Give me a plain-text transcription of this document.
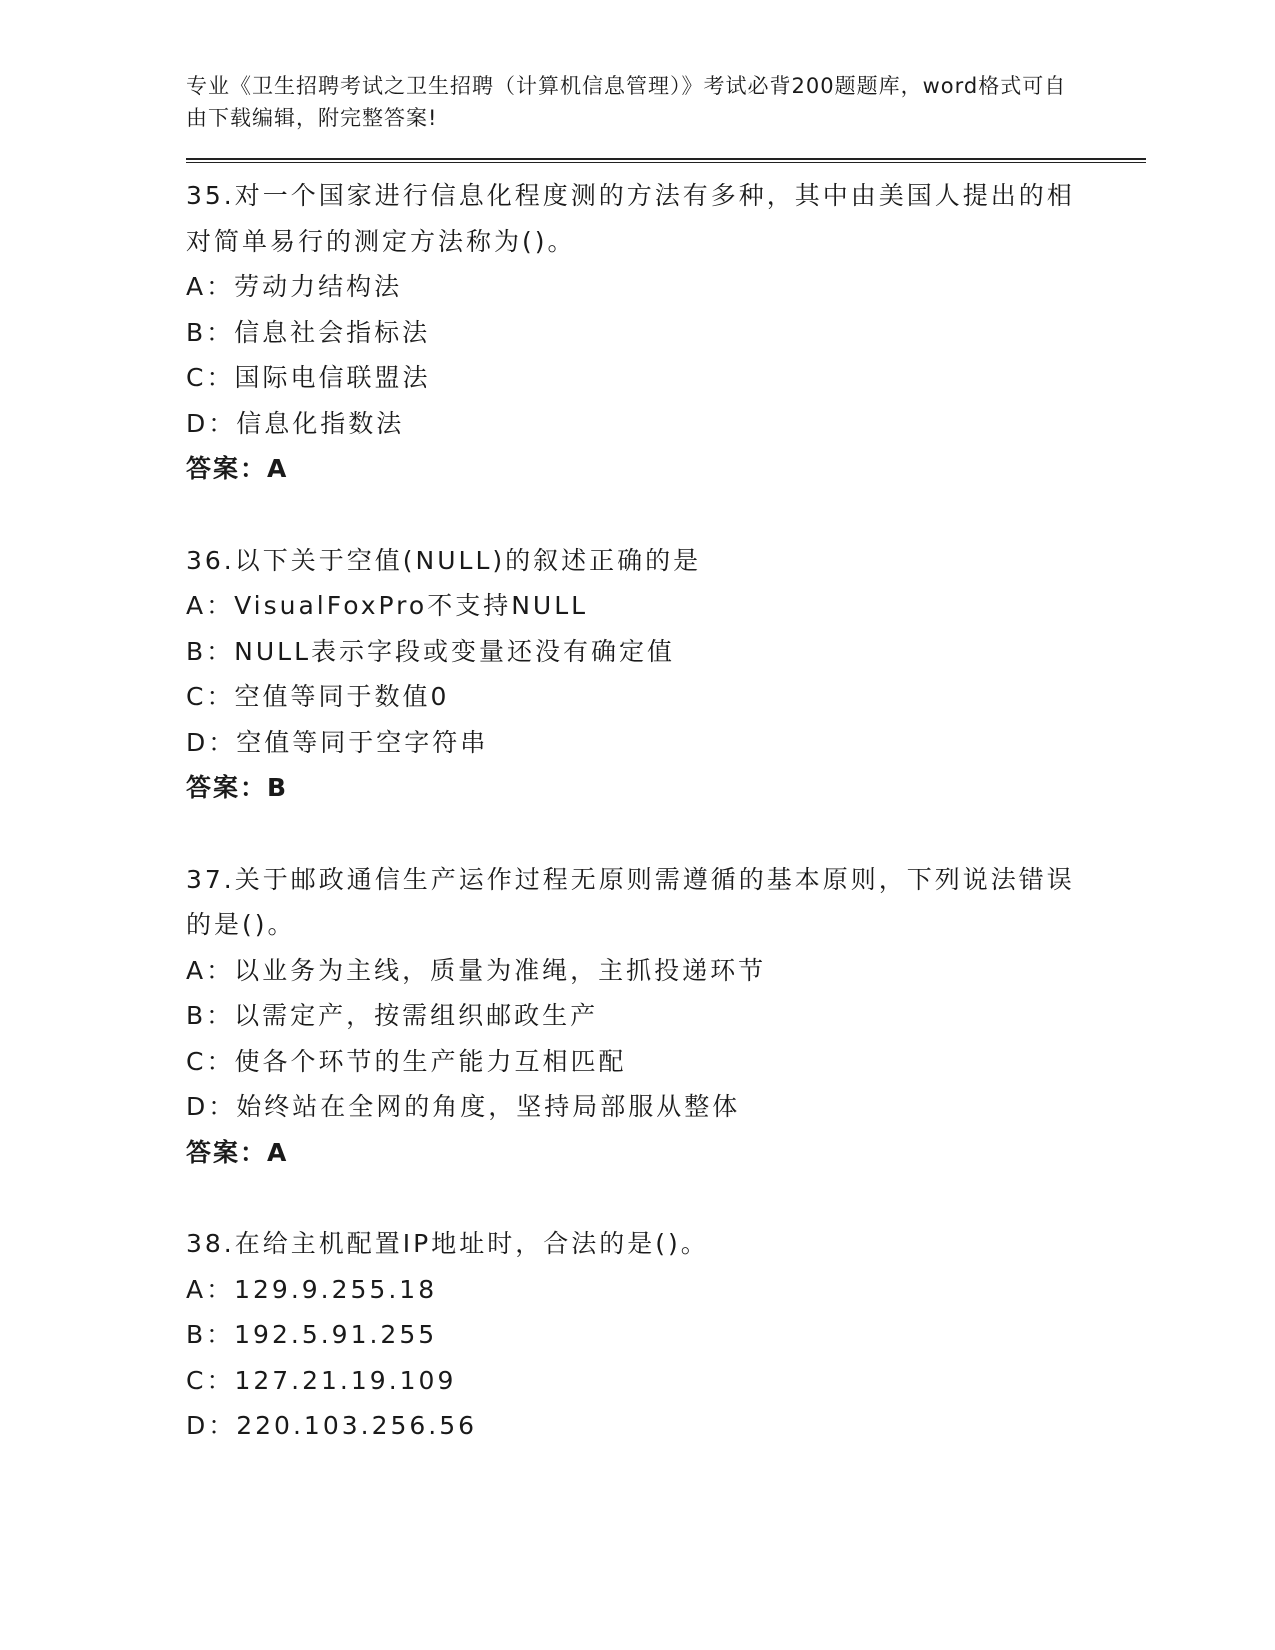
专业《卫生招聘考试之卫生招聘（计算机信息管理）》考试必背200题题库，word格式可自由下载编辑，附完整答案!
35.对一个国家进行信息化程度测的方法有多种，其中由美国人提出的相对简单易行的测定方法称为()。
A：劳动力结构法
B：信息社会指标法
C：国际电信联盟法
D：信息化指数法
答案：A
36.以下关于空值(NULL)的叙述正确的是
A：VisualFoxPro不支持NULL
B：NULL表示字段或变量还没有确定值
C：空值等同于数值0
D：空值等同于空字符串
答案：B
37.关于邮政通信生产运作过程无原则需遵循的基本原则，下列说法错误的是()。
A：以业务为主线，质量为准绳，主抓投递环节
B：以需定产，按需组织邮政生产
C：使各个环节的生产能力互相匹配
D：始终站在全网的角度，坚持局部服从整体
答案：A
38.在给主机配置IP地址时，合法的是()。
A：129.9.255.18
B：192.5.91.255
C：127.21.19.109
D：220.103.256.56
